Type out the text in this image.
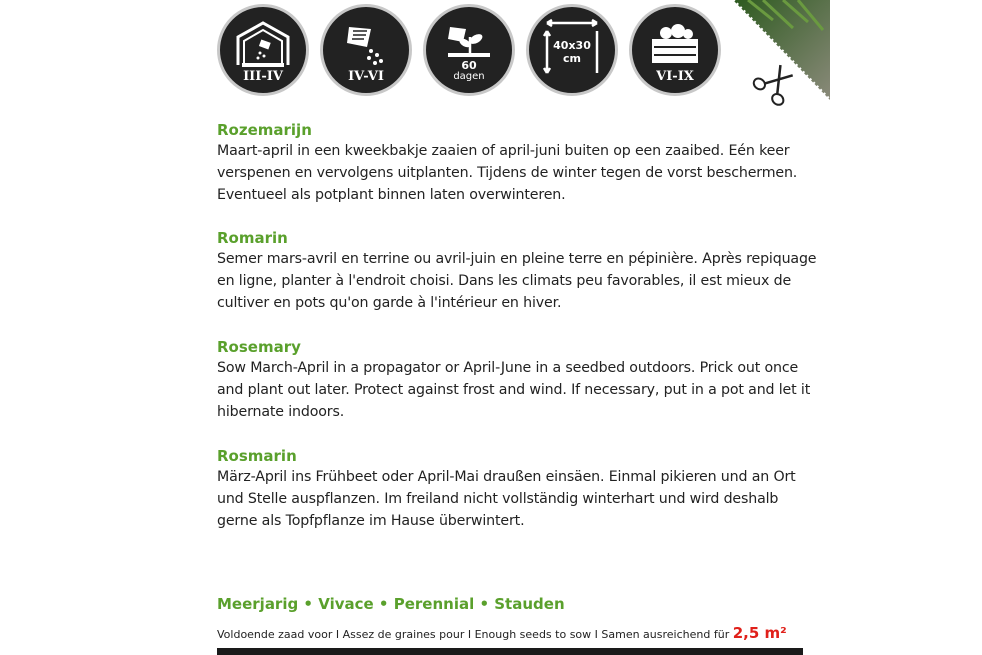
III-IV	IV-VI
60
dagen
40x30
cm
VI-IX
Rozemarijn

Maart-april in een kweekbakje zaaien of april-juni buiten op een zaaibed. Eén keer verspenen en vervolgens uitplanten. Tijdens de winter tegen de vorst beschermen. Eventueel als potplant binnen laten overwinteren.

Romarin

Semer mars-avril en terrine ou avril-juin en pleine terre en pépinière. Après repiquage en ligne, planter à l'endroit choisi. Dans les climats peu favorables, il est mieux de cultiver en pots qu'on garde à l'intérieur en hiver.

Rosemary

Sow March-April in a propagator or April-June in a seedbed outdoors. Prick out once and plant out later. Protect against frost and wind. If necessary, put in a pot and let it hibernate indoors.

Rosmarin

März-April ins Frühbeet oder April-Mai draußen einsäen. Einmal pikieren und an Ort und Stelle auspflanzen. Im freiland nicht vollständig winterhart und wird deshalb gerne als Topfpflanze im Hause überwintert.

Meerjarig • Vivace • Perennial • Stauden
Voldoende zaad voor I Assez de graines pour I Enough seeds to sow I Samen ausreichend für 2,5 m²
